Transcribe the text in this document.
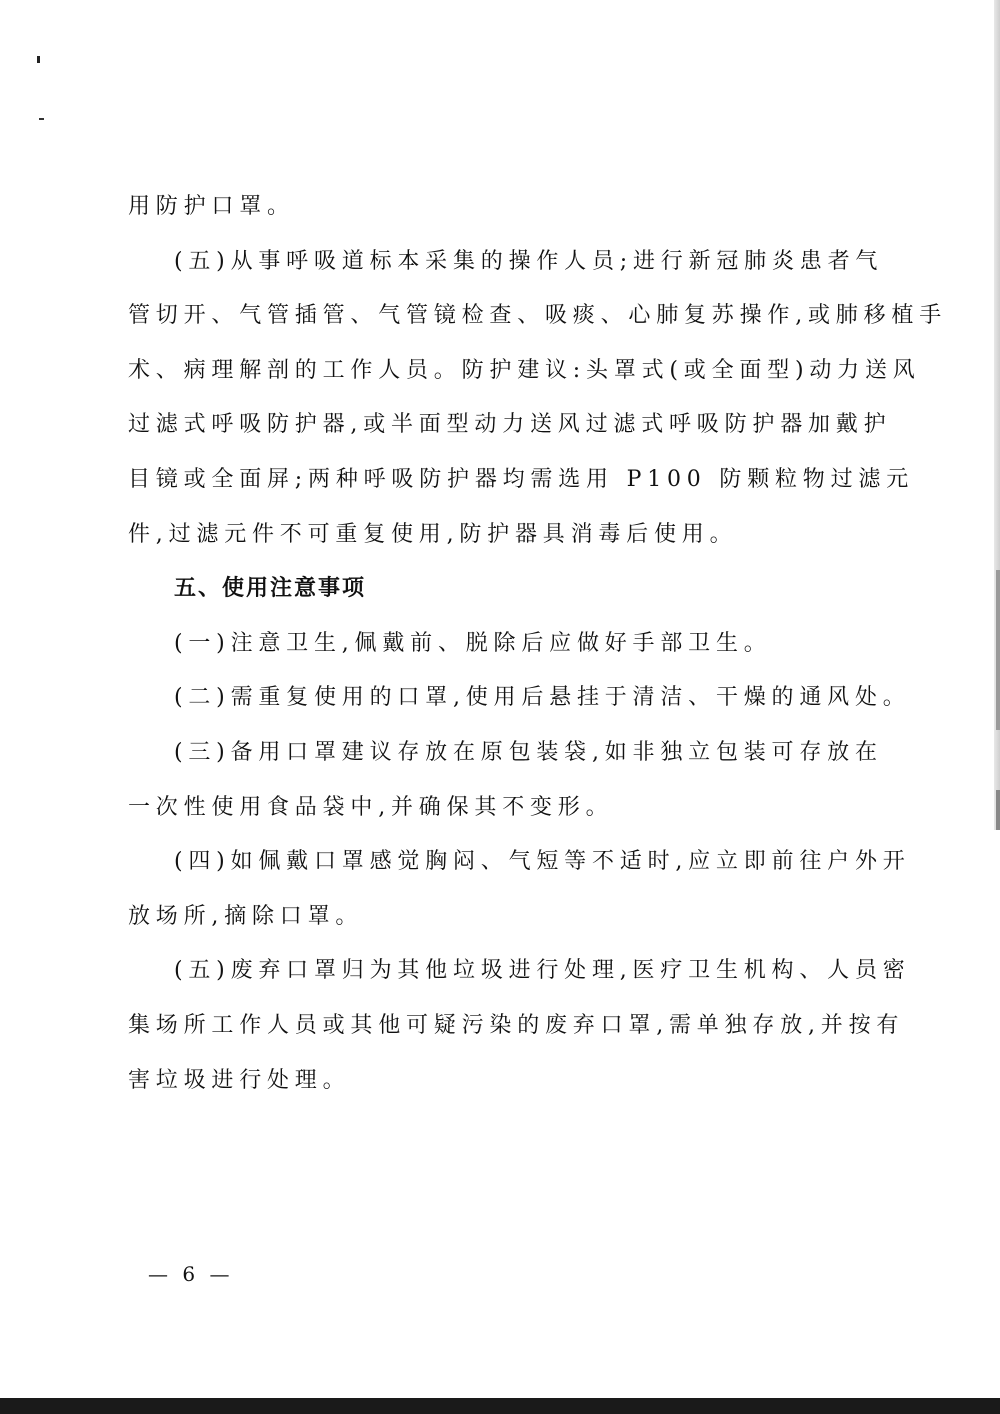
用防护口罩。

(五)从事呼吸道标本采集的操作人员;进行新冠肺炎患者气

管切开、气管插管、气管镜检查、吸痰、心肺复苏操作,或肺移植手

术、病理解剖的工作人员。防护建议:头罩式(或全面型)动力送风

过滤式呼吸防护器,或半面型动力送风过滤式呼吸防护器加戴护

目镜或全面屏;两种呼吸防护器均需选用 P100 防颗粒物过滤元

件,过滤元件不可重复使用,防护器具消毒后使用。

五、使用注意事项

(一)注意卫生,佩戴前、脱除后应做好手部卫生。

(二)需重复使用的口罩,使用后悬挂于清洁、干燥的通风处。

(三)备用口罩建议存放在原包装袋,如非独立包装可存放在

一次性使用食品袋中,并确保其不变形。

(四)如佩戴口罩感觉胸闷、气短等不适时,应立即前往户外开

放场所,摘除口罩。

(五)废弃口罩归为其他垃圾进行处理,医疗卫生机构、人员密

集场所工作人员或其他可疑污染的废弃口罩,需单独存放,并按有

害垃圾进行处理。

— 6 —
